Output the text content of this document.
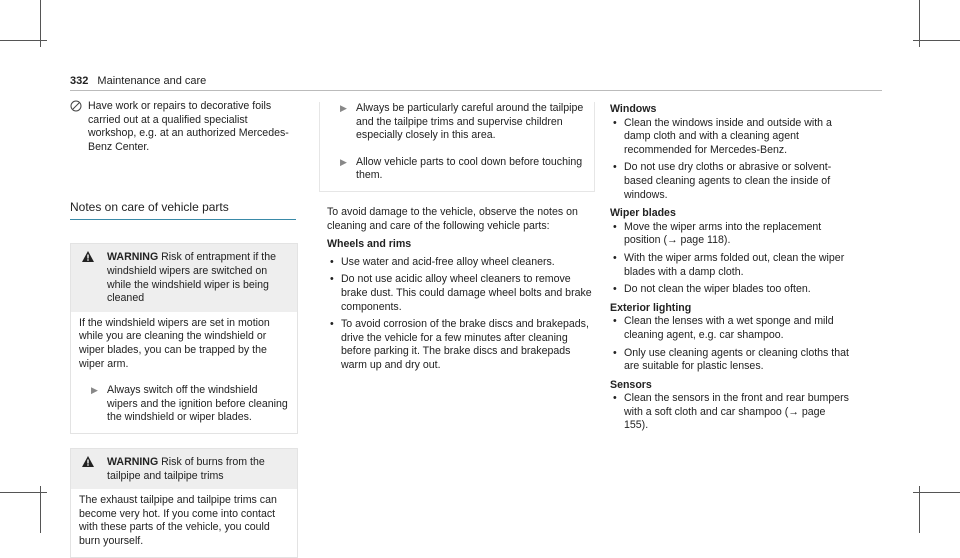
332 Maintenance and care

Have work or repairs to decorative foils carried out at a qualified specialist workshop, e.g. at an authorized Mercedes-Benz Center.

Notes on care of vehicle parts
WARNING Risk of entrapment if the windshield wipers are switched on while the windshield wiper is being cleaned

If the windshield wipers are set in motion while you are cleaning the windshield or wiper blades, you can be trapped by the wiper arm.

▶ Always switch off the windshield wipers and the ignition before cleaning the windshield or wiper blades.

WARNING Risk of burns from the tailpipe and tailpipe trims

The exhaust tailpipe and tailpipe trims can become very hot. If you come into contact with these parts of the vehicle, you could burn yourself.

▶ Always be particularly careful around the tailpipe and the tailpipe trims and supervise children especially closely in this area.

▶ Allow vehicle parts to cool down before touching them.

To avoid damage to the vehicle, observe the notes on cleaning and care of the following vehicle parts:

Wheels and rims
• Use water and acid-free alloy wheel cleaners.
• Do not use acidic alloy wheel cleaners to remove brake dust. This could damage wheel bolts and brake components.
• To avoid corrosion of the brake discs and brakepads, drive the vehicle for a few minutes after cleaning before parking it. The brake discs and brakepads warm up and dry out.
Windows
• Clean the windows inside and outside with a damp cloth and with a cleaning agent recommended for Mercedes-Benz.
• Do not use dry cloths or abrasive or solvent-based cleaning agents to clean the inside of windows.
Wiper blades
• Move the wiper arms into the replacement position (→ page 118).
• With the wiper arms folded out, clean the wiper blades with a damp cloth.
• Do not clean the wiper blades too often.
Exterior lighting
• Clean the lenses with a wet sponge and mild cleaning agent, e.g. car shampoo.
• Only use cleaning agents or cleaning cloths that are suitable for plastic lenses.
Sensors
• Clean the sensors in the front and rear bumpers with a soft cloth and car shampoo (→ page 155).
